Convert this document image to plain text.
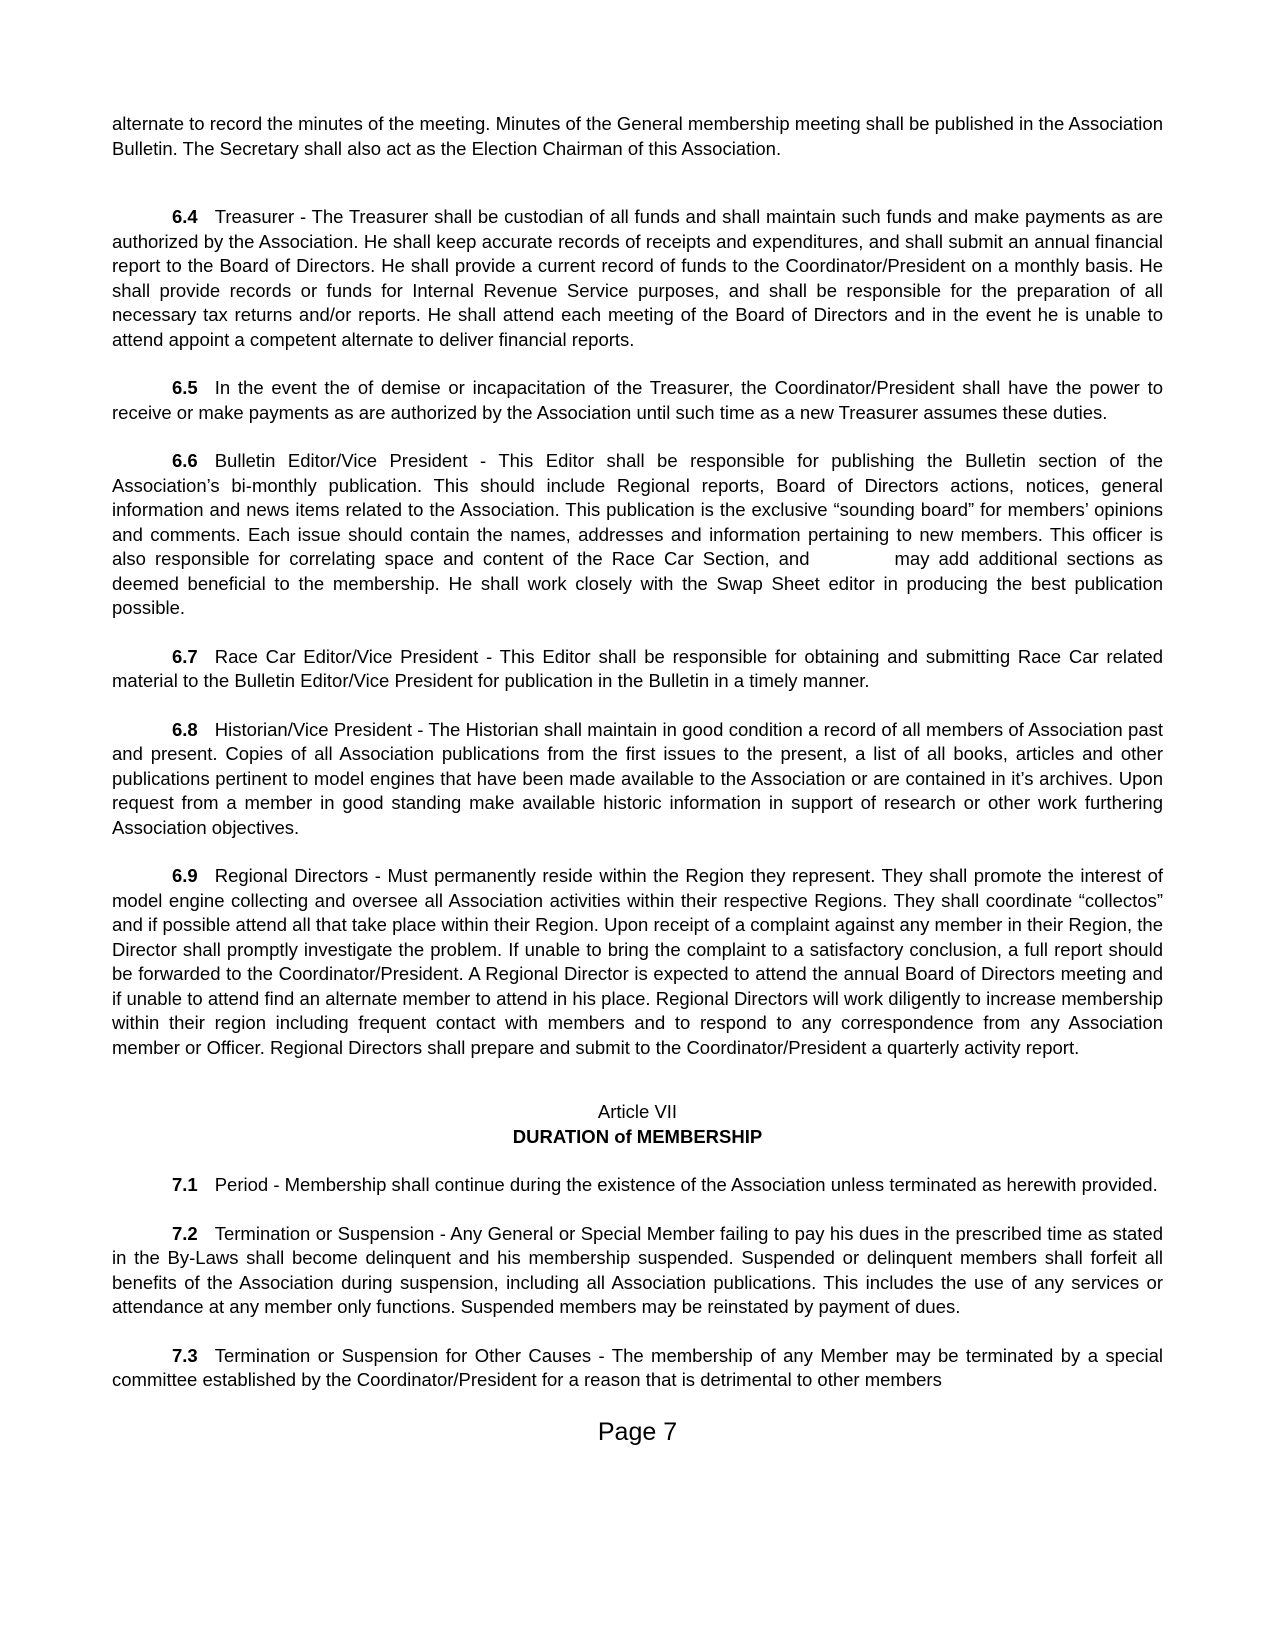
alternate to record the minutes of the meeting. Minutes of the General membership meeting shall be published in the Association Bulletin. The Secretary shall also act as the Election Chairman of this Association.

6.4 Treasurer - The Treasurer shall be custodian of all funds and shall maintain such funds and make payments as are authorized by the Association. He shall keep accurate records of receipts and expenditures, and shall submit an annual financial report to the Board of Directors. He shall provide a current record of funds to the Coordinator/President on a monthly basis. He shall provide records or funds for Internal Revenue Service purposes, and shall be responsible for the preparation of all necessary tax returns and/or reports. He shall attend each meeting of the Board of Directors and in the event he is unable to attend appoint a competent alternate to deliver financial reports.

6.5 In the event the of demise or incapacitation of the Treasurer, the Coordinator/President shall have the power to receive or make payments as are authorized by the Association until such time as a new Treasurer assumes these duties.

6.6 Bulletin Editor/Vice President - This Editor shall be responsible for publishing the Bulletin section of the Association’s bi-monthly publication. This should include Regional reports, Board of Directors actions, notices, general information and news items related to the Association. This publication is the exclusive “sounding board” for members’ opinions and comments. Each issue should contain the names, addresses and information pertaining to new members. This officer is also responsible for correlating space and content of the Race Car Section, and	may add additional sections as deemed beneficial to the membership. He shall work closely with the Swap Sheet editor in producing the best publication possible.

6.7 Race Car Editor/Vice President - This Editor shall be responsible for obtaining and submitting Race Car related material to the Bulletin Editor/Vice President for publication in the Bulletin in a timely manner.

6.8 Historian/Vice President - The Historian shall maintain in good condition a record of all members of Association past and present. Copies of all Association publications from the first issues to the present, a list of all books, articles and other publications pertinent to model engines that have been made available to the Association or are contained in it’s archives. Upon request from a member in good standing make available historic information in support of research or other work furthering Association objectives.

6.9 Regional Directors - Must permanently reside within the Region they represent. They shall promote the interest of model engine collecting and oversee all Association activities within their respective Regions. They shall coordinate “collectos” and if possible attend all that take place within their Region. Upon receipt of a complaint against any member in their Region, the Director shall promptly investigate the problem. If unable to bring the complaint to a satisfactory conclusion, a full report should be forwarded to the Coordinator/President. A Regional Director is expected to attend the annual Board of Directors meeting and if unable to attend find an alternate member to attend in his place. Regional Directors will work diligently to increase membership within their region including frequent contact with members and to respond to any correspondence from any Association member or Officer. Regional Directors shall prepare and submit to the Coordinator/President a quarterly activity report.

Article VII
DURATION of MEMBERSHIP

7.1 Period - Membership shall continue during the existence of the Association unless terminated as herewith provided.

7.2 Termination or Suspension - Any General or Special Member failing to pay his dues in the prescribed time as stated in the By-Laws shall become delinquent and his membership suspended. Suspended or delinquent members shall forfeit all benefits of the Association during suspension, including all Association publications. This includes the use of any services or attendance at any member only functions. Suspended members may be reinstated by payment of dues.

7.3 Termination or Suspension for Other Causes - The membership of any Member may be terminated by a special committee established by the Coordinator/President for a reason that is detrimental to other members

Page 7
